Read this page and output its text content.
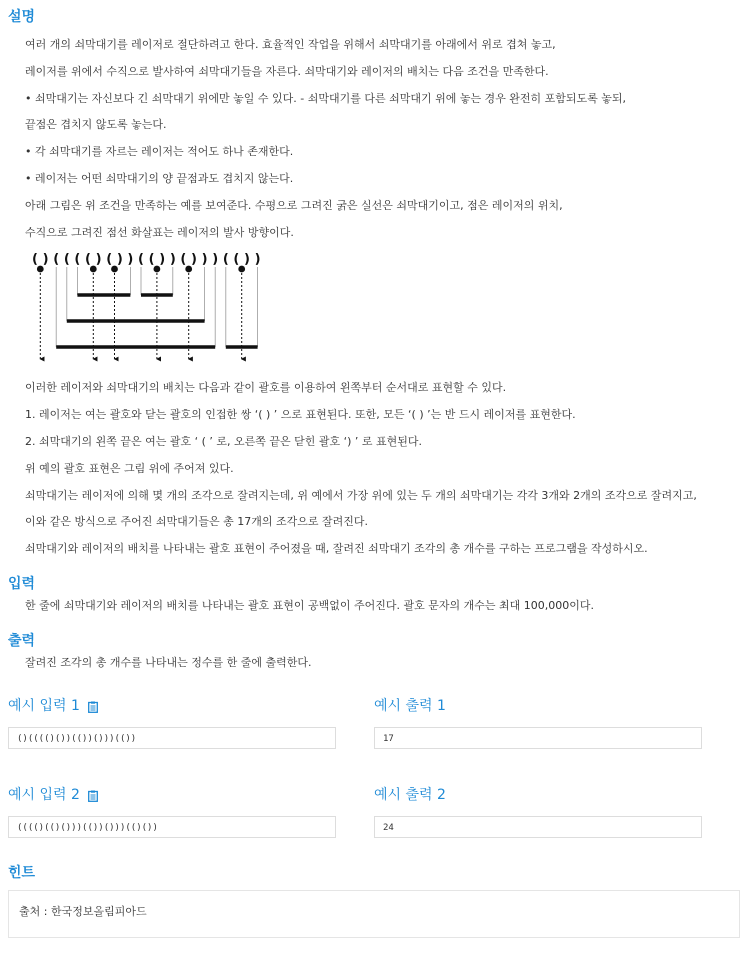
설명

여러 개의 쇠막대기를 레이저로 절단하려고 한다. 효율적인 작업을 위해서 쇠막대기를 아래에서 위로 겹쳐 놓고,

레이저를 위에서 수직으로 발사하여 쇠막대기들을 자른다. 쇠막대기와 레이저의 배치는 다음 조건을 만족한다.

• 쇠막대기는 자신보다 긴 쇠막대기 위에만 놓일 수 있다. - 쇠막대기를 다른 쇠막대기 위에 놓는 경우 완전히 포함되도록 놓되,

끝점은 겹치지 않도록 놓는다.

• 각 쇠막대기를 자르는 레이저는 적어도 하나 존재한다.

• 레이저는 어떤 쇠막대기의 양 끝점과도 겹치지 않는다.

아래 그림은 위 조건을 만족하는 예를 보여준다. 수평으로 그려진 굵은 실선은 쇠막대기이고, 점은 레이저의 위치,

수직으로 그려진 점선 화살표는 레이저의 발사 방향이다.

( ) ( ( ( ( ) ( ) ) ( ( ) ) ( ) ) ) ( ( ) )

이러한 레이저와 쇠막대기의 배치는 다음과 같이 괄호를 이용하여 왼쪽부터 순서대로 표현할 수 있다.

1. 레이저는 여는 괄호와 닫는 괄호의 인접한 쌍 ‘( ) ’ 으로 표현된다. 또한, 모든 ‘( ) ’는 반 드시 레이저를 표현한다.

2. 쇠막대기의 왼쪽 끝은 여는 괄호 ‘ ( ’ 로, 오른쪽 끝은 닫힌 괄호 ‘) ’ 로 표현된다.

위 예의 괄호 표현은 그림 위에 주어져 있다.

쇠막대기는 레이저에 의해 몇 개의 조각으로 잘려지는데, 위 예에서 가장 위에 있는 두 개의 쇠막대기는 각각 3개와 2개의 조각으로 잘려지고,

이와 같은 방식으로 주어진 쇠막대기들은 총 17개의 조각으로 잘려진다.

쇠막대기와 레이저의 배치를 나타내는 괄호 표현이 주어졌을 때, 잘려진 쇠막대기 조각의 총 개수를 구하는 프로그램을 작성하시오.

입력
한 줄에 쇠막대기와 레이저의 배치를 나타내는 괄호 표현이 공백없이 주어진다. 괄호 문자의 개수는 최대 100,000이다.
출력
잘려진 조각의 총 개수를 나타내는 정수를 한 줄에 출력한다.
예시 입력 1
()(((()())(())()))(())
예시 출력 1
17
예시 입력 2
(((()(()()))(())()))(()())
예시 출력 2
24
힌트
출처 : 한국정보올림피아드
